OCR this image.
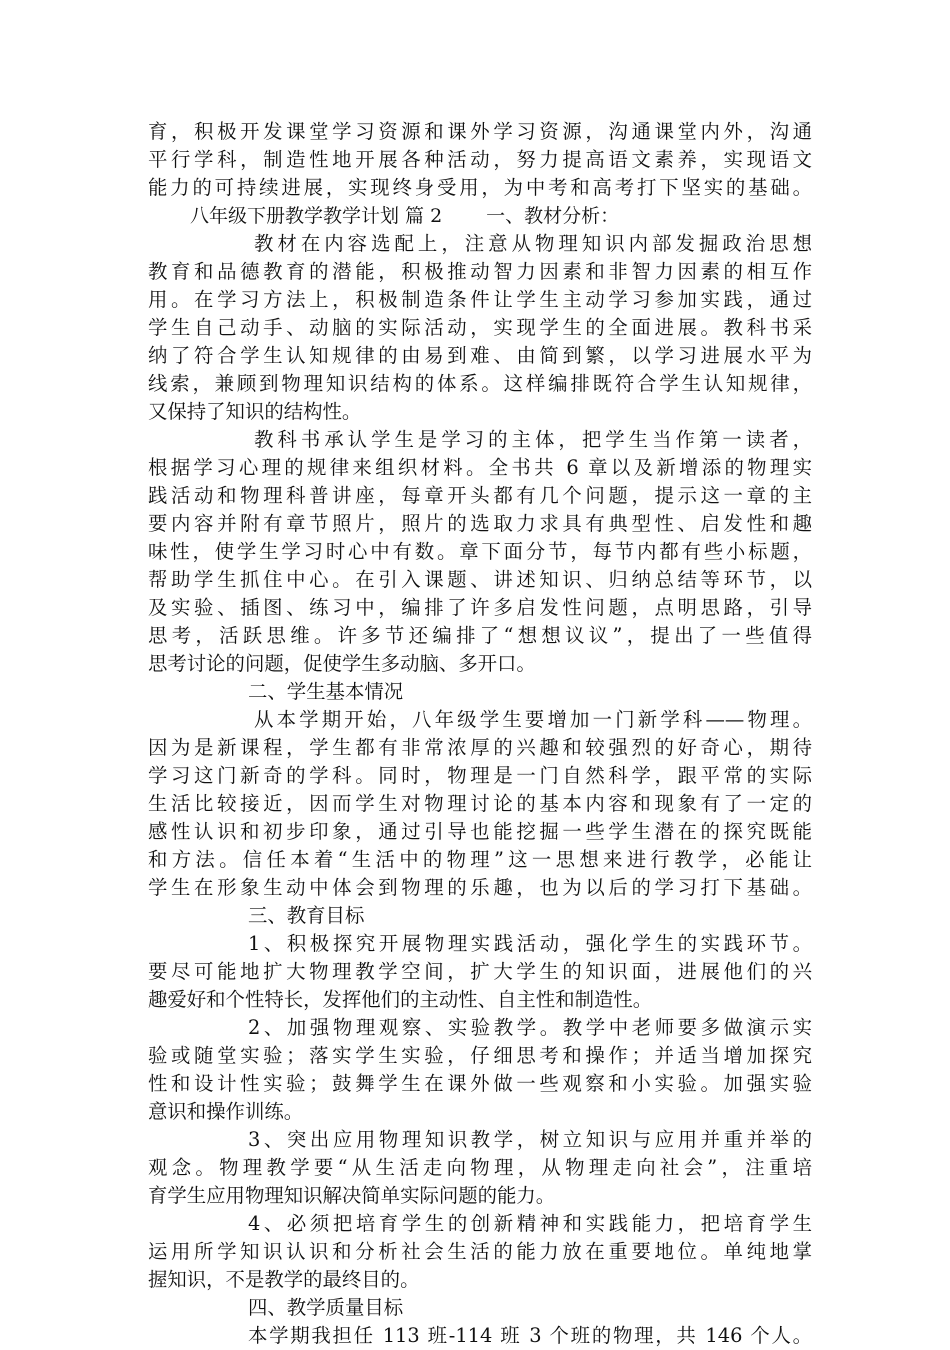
育，积极开发课堂学习资源和课外学习资源，沟通课堂内外，沟通
平行学科，制造性地开展各种活动，努力提高语文素养，实现语文
能力的可持续进展，实现终身受用，为中考和高考打下坚实的基础。
八年级下册教学教学计划 篇 2 一、教材分析：
教材在内容选配上，注意从物理知识内部发掘政治思想
教育和品德教育的潜能，积极推动智力因素和非智力因素的相互作
用。在学习方法上，积极制造条件让学生主动学习参加实践，通过
学生自己动手、动脑的实际活动，实现学生的全面进展。教科书采
纳了符合学生认知规律的由易到难、由简到繁，以学习进展水平为
线索，兼顾到物理知识结构的体系。这样编排既符合学生认知规律，
又保持了知识的结构性。
教科书承认学生是学习的主体，把学生当作第一读者，
根据学习心理的规律来组织材料。全书共 6 章以及新增添的物理实
践活动和物理科普讲座，每章开头都有几个问题，提示这一章的主
要内容并附有章节照片，照片的选取力求具有典型性、启发性和趣
味性，使学生学习时心中有数。章下面分节，每节内都有些小标题，
帮助学生抓住中心。在引入课题、讲述知识、归纳总结等环节，以
及实验、插图、练习中，编排了许多启发性问题，点明思路，引导
思考，活跃思维。许多节还编排了“想想议议”，提出了一些值得
思考讨论的问题，促使学生多动脑、多开口。
二、学生基本情况
从本学期开始，八年级学生要增加一门新学科——物理。
因为是新课程，学生都有非常浓厚的兴趣和较强烈的好奇心，期待
学习这门新奇的学科。同时，物理是一门自然科学，跟平常的实际
生活比较接近，因而学生对物理讨论的基本内容和现象有了一定的
感性认识和初步印象，通过引导也能挖掘一些学生潜在的探究既能
和方法。信任本着“生活中的物理”这一思想来进行教学，必能让
学生在形象生动中体会到物理的乐趣，也为以后的学习打下基础。
三、教育目标
1、积极探究开展物理实践活动，强化学生的实践环节。
要尽可能地扩大物理教学空间，扩大学生的知识面，进展他们的兴
趣爱好和个性特长，发挥他们的主动性、自主性和制造性。
2、加强物理观察、实验教学。教学中老师要多做演示实
验或随堂实验；落实学生实验，仔细思考和操作；并适当增加探究
性和设计性实验；鼓舞学生在课外做一些观察和小实验。加强实验
意识和操作训练。
3、突出应用物理知识教学，树立知识与应用并重并举的
观念。物理教学要“从生活走向物理，从物理走向社会”，注重培
育学生应用物理知识解决简单实际问题的能力。
4、必须把培育学生的创新精神和实践能力，把培育学生
运用所学知识认识和分析社会生活的能力放在重要地位。单纯地掌
握知识，不是教学的最终目的。
四、教学质量目标
本学期我担任 113 班-114 班 3 个班的物理，共 146 个人。
